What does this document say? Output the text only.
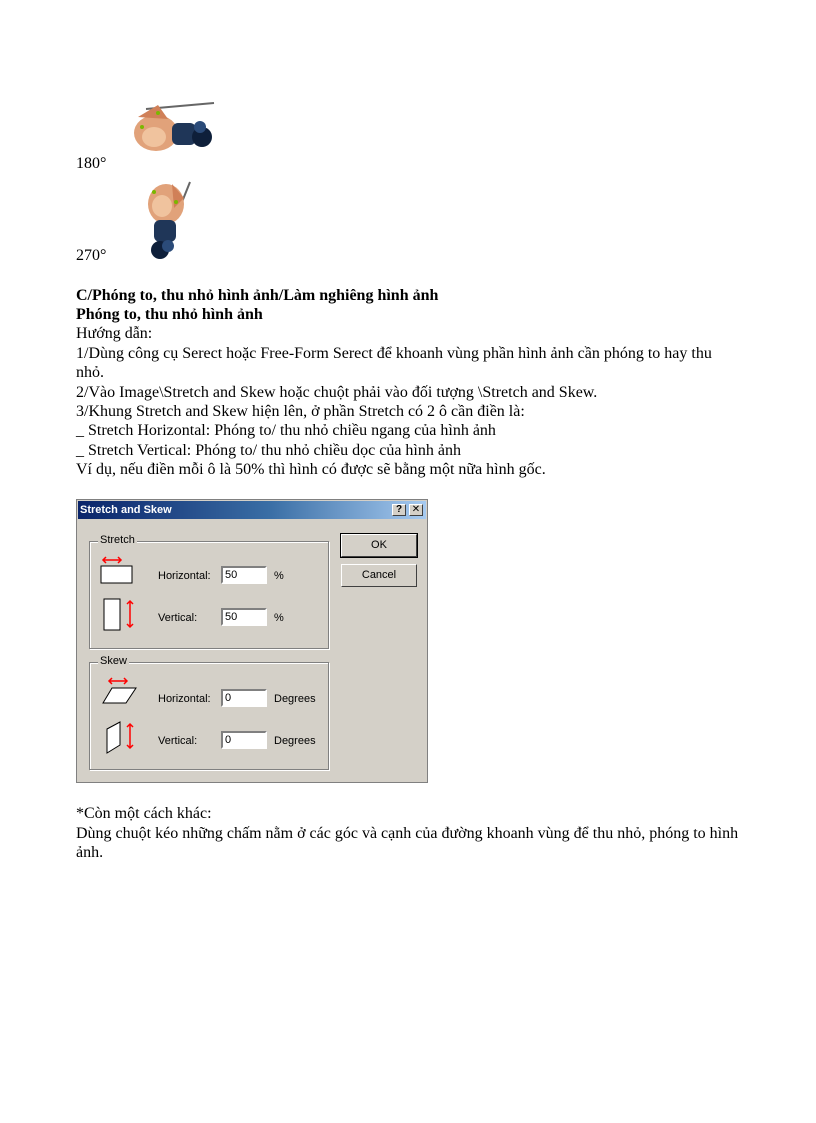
180°
270°
C/Phóng to, thu nhỏ hình ảnh/Làm nghiêng hình ảnh
Phóng to, thu nhỏ hình ảnh
Hướng dẫn:
1/Dùng công cụ Serect hoặc Free-Form Serect để khoanh vùng phần hình ảnh cần phóng to hay thu
nhỏ.
2/Vào Image\Stretch and Skew hoặc chuột phải vào đối tượng \Stretch and Skew.
3/Khung Stretch and Skew hiện lên, ở phần Stretch có 2 ô cần điền là:
_ Stretch Horizontal: Phóng to/ thu nhỏ chiều ngang của hình ảnh
_ Stretch Vertical: Phóng to/ thu nhỏ chiều dọc của hình ảnh
Ví dụ, nếu điền mỗi ô là 50% thì hình có được sẽ bằng một nữa hình gốc.
Stretch and Skew	? ✕
Stretch
Horizontal:	50	%
Vertical:	50	%
Skew
Horizontal:	0	Degrees
Vertical:	0	Degrees
OK
Cancel
*Còn một cách khác:
Dùng chuột kéo những chấm nằm ở các góc và cạnh của đường khoanh vùng để thu nhỏ, phóng to hình
ảnh.
